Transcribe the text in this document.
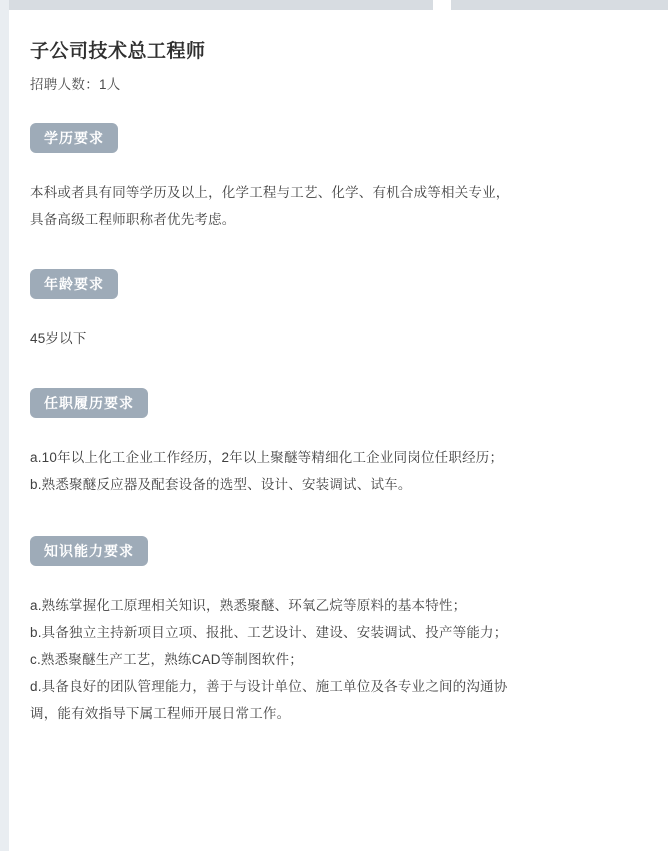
子公司技术总工程师
招聘人数：1人
学历要求
本科或者具有同等学历及以上，化学工程与工艺、化学、有机合成等相关专业，
具备高级工程师职称者优先考虑。
年龄要求
45岁以下
任职履历要求
a.10年以上化工企业工作经历，2年以上聚醚等精细化工企业同岗位任职经历；
b.熟悉聚醚反应器及配套设备的选型、设计、安装调试、试车。
知识能力要求
a.熟练掌握化工原理相关知识，熟悉聚醚、环氧乙烷等原料的基本特性；
b.具备独立主持新项目立项、报批、工艺设计、建设、安装调试、投产等能力；
c.熟悉聚醚生产工艺，熟练CAD等制图软件；
d.具备良好的团队管理能力，善于与设计单位、施工单位及各专业之间的沟通协
调，能有效指导下属工程师开展日常工作。
